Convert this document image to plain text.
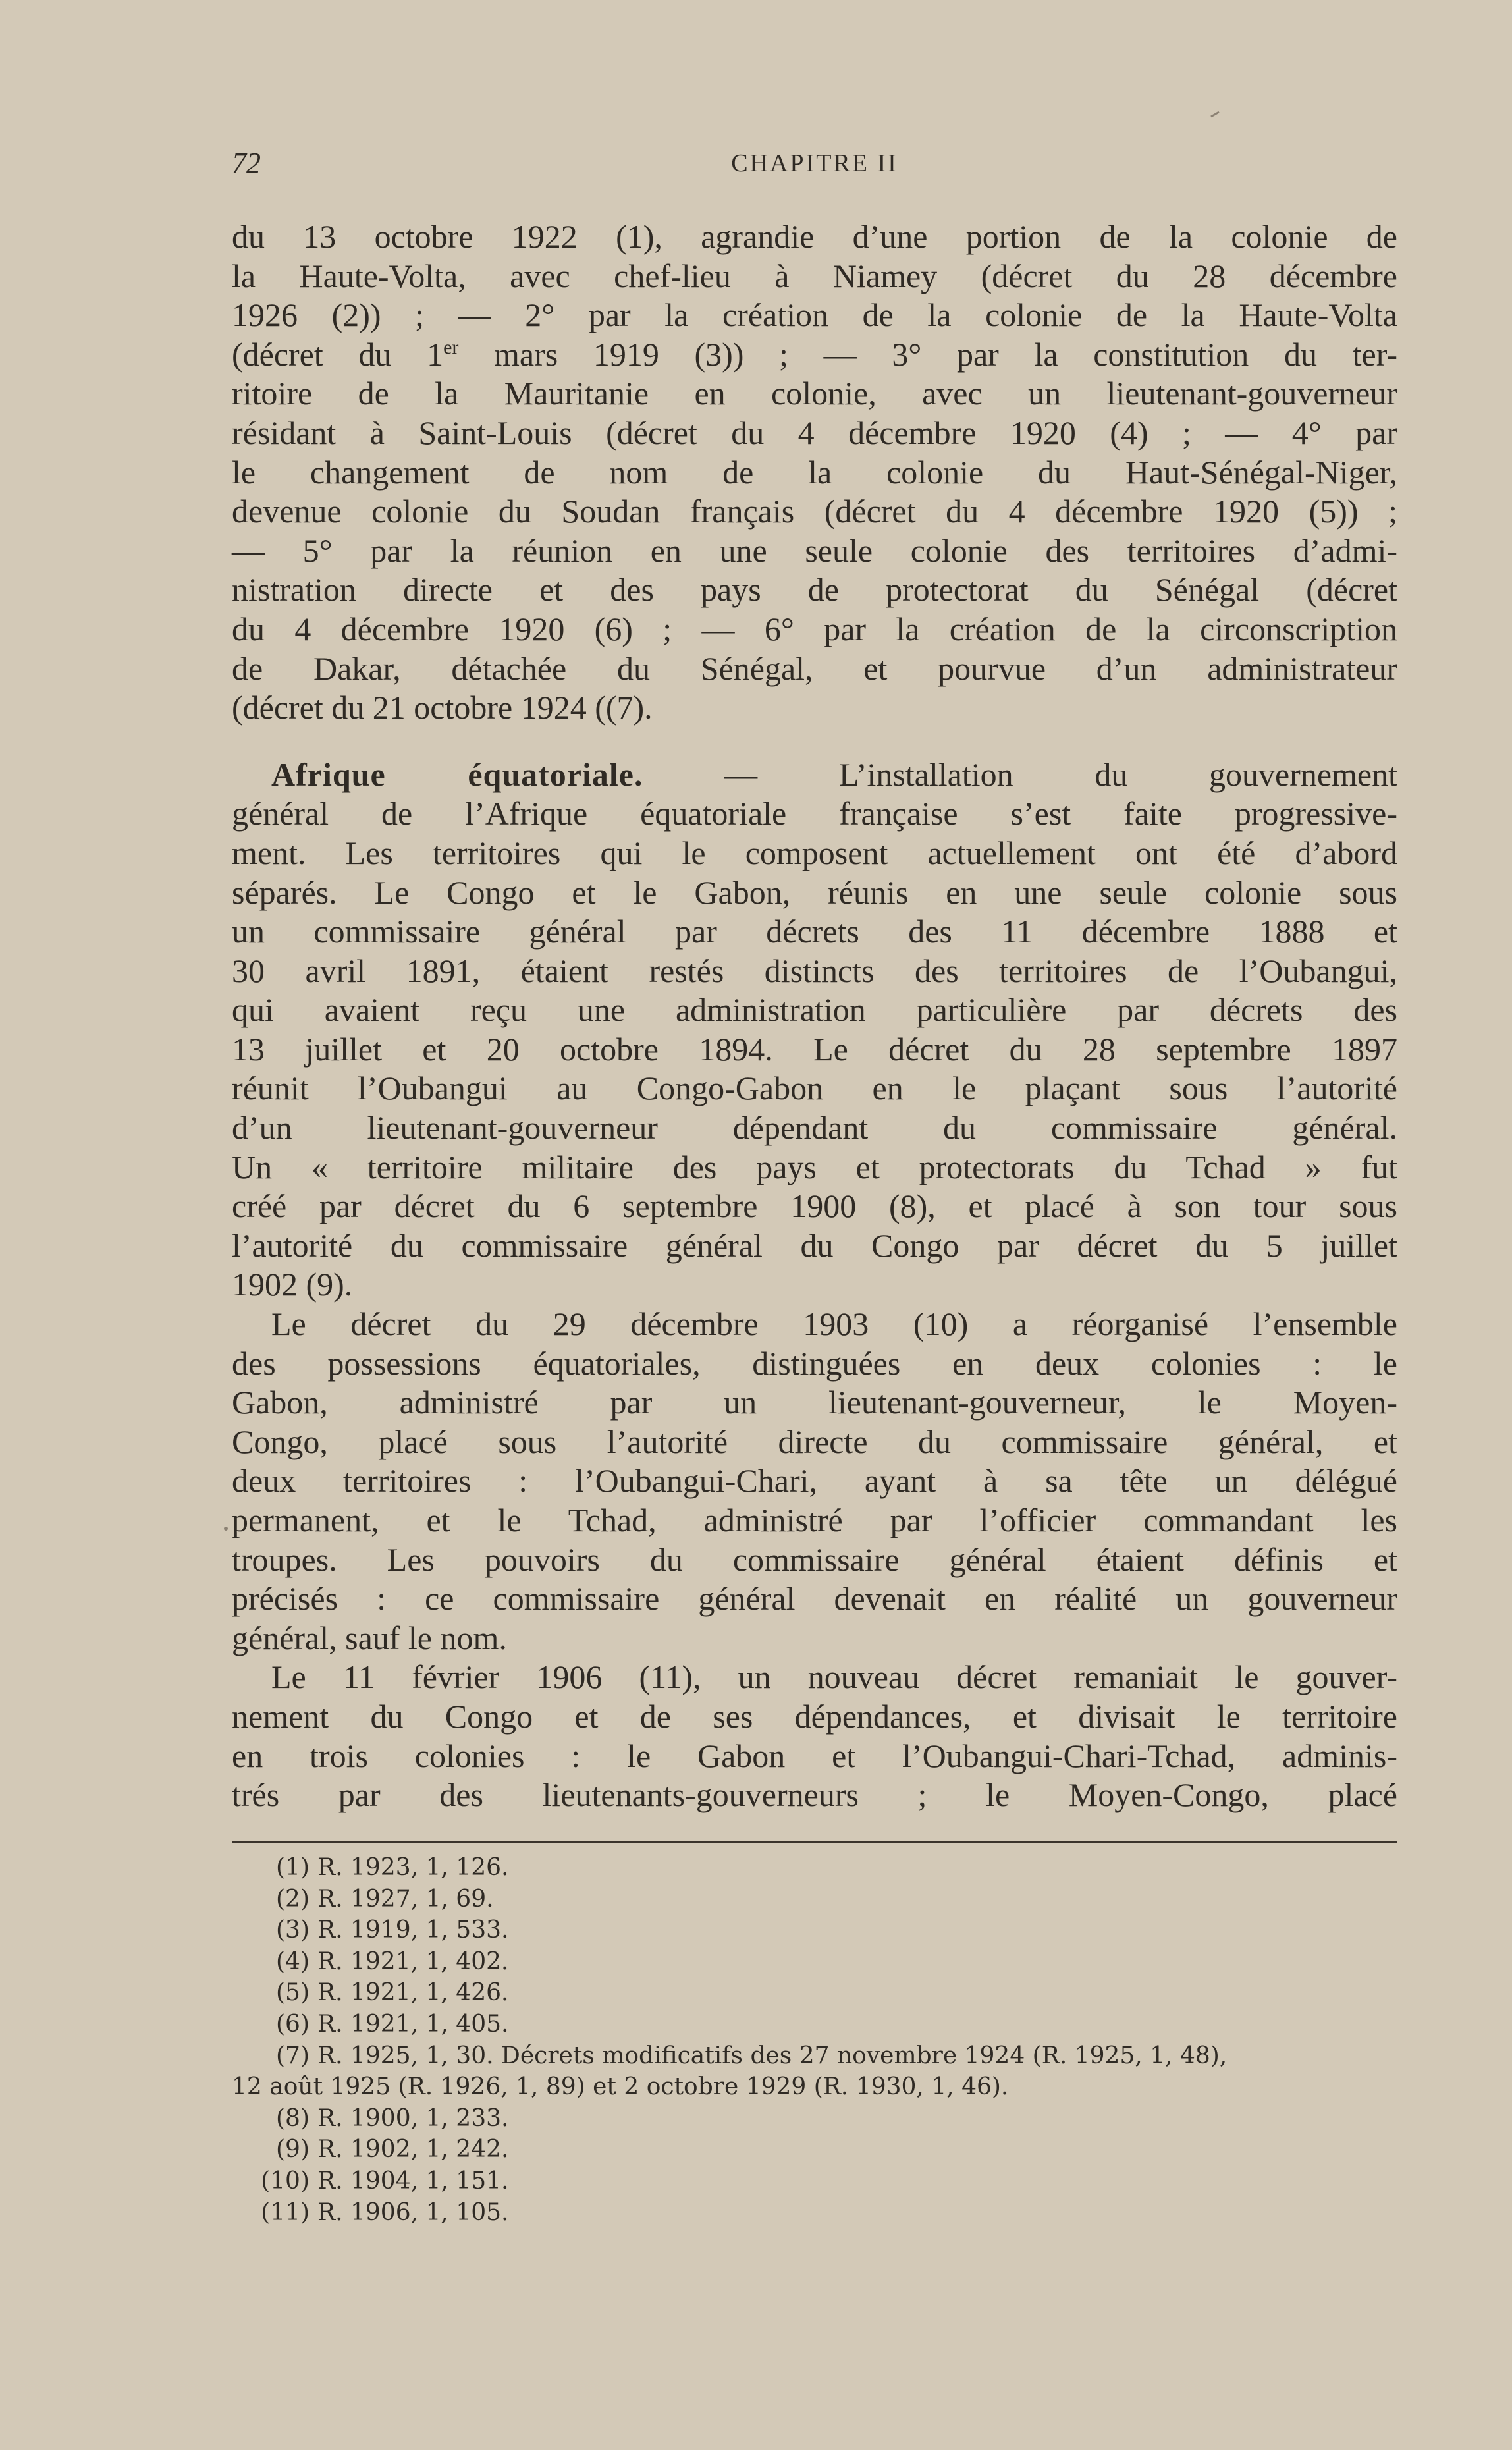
72	CHAPITRE II
du 13 octobre 1922 (1), agrandie d’une portion de la colonie de
la Haute-Volta, avec chef-lieu à Niamey (décret du 28 décembre
1926 (2)) ; — 2° par la création de la colonie de la Haute-Volta
(décret du 1er mars 1919 (3)) ; — 3° par la constitution du ter-
ritoire de la Mauritanie en colonie, avec un lieutenant-gouverneur
résidant à Saint-Louis (décret du 4 décembre 1920 (4) ; — 4° par
le changement de nom de la colonie du Haut-Sénégal-Niger,
devenue colonie du Soudan français (décret du 4 décembre 1920 (5)) ;
— 5° par la réunion en une seule colonie des territoires d’admi-
nistration directe et des pays de protectorat du Sénégal (décret
du 4 décembre 1920 (6) ; — 6° par la création de la circonscription
de Dakar, détachée du Sénégal, et pourvue d’un administrateur
(décret du 21 octobre 1924 ((7).
Afrique équatoriale. — L’installation du gouvernement
général de l’Afrique équatoriale française s’est faite progressive-
ment. Les territoires qui le composent actuellement ont été d’abord
séparés. Le Congo et le Gabon, réunis en une seule colonie sous
un commissaire général par décrets des 11 décembre 1888 et
30 avril 1891, étaient restés distincts des territoires de l’Oubangui,
qui avaient reçu une administration particulière par décrets des
13 juillet et 20 octobre 1894. Le décret du 28 septembre 1897
réunit l’Oubangui au Congo-Gabon en le plaçant sous l’autorité
d’un lieutenant-gouverneur dépendant du commissaire général.
Un « territoire militaire des pays et protectorats du Tchad » fut
créé par décret du 6 septembre 1900 (8), et placé à son tour sous
l’autorité du commissaire général du Congo par décret du 5 juillet
1902 (9).
Le décret du 29 décembre 1903 (10) a réorganisé l’ensemble
des possessions équatoriales, distinguées en deux colonies : le
Gabon, administré par un lieutenant-gouverneur, le Moyen-
Congo, placé sous l’autorité directe du commissaire général, et
deux territoires : l’Oubangui-Chari, ayant à sa tête un délégué
permanent, et le Tchad, administré par l’officier commandant les
troupes. Les pouvoirs du commissaire général étaient définis et
précisés : ce commissaire général devenait en réalité un gouverneur
général, sauf le nom.
Le 11 février 1906 (11), un nouveau décret remaniait le gouver-
nement du Congo et de ses dépendances, et divisait le territoire
en trois colonies : le Gabon et l’Oubangui-Chari-Tchad, adminis-
trés par des lieutenants-gouverneurs ; le Moyen-Congo, placé
(1) R. 1923, 1, 126.
(2) R. 1927, 1, 69.
(3) R. 1919, 1, 533.
(4) R. 1921, 1, 402.
(5) R. 1921, 1, 426.
(6) R. 1921, 1, 405.
(7) R. 1925, 1, 30. Décrets modificatifs des 27 novembre 1924 (R. 1925, 1, 48),
12 août 1925 (R. 1926, 1, 89) et 2 octobre 1929 (R. 1930, 1, 46).
(8) R. 1900, 1, 233.
(9) R. 1902, 1, 242.
(10) R. 1904, 1, 151.
(11) R. 1906, 1, 105.
